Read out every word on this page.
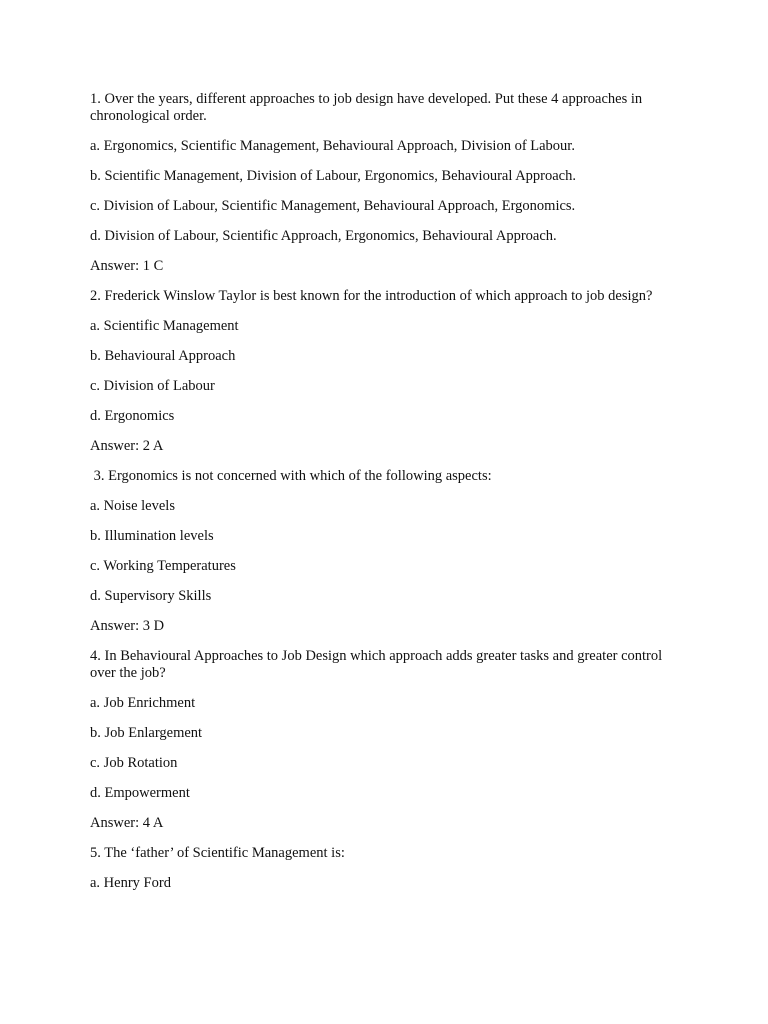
1. Over the years, different approaches to job design have developed. Put these 4 approaches in chronological order.

a. Ergonomics, Scientific Management, Behavioural Approach, Division of Labour.

b. Scientific Management, Division of Labour, Ergonomics, Behavioural Approach.

c. Division of Labour, Scientific Management, Behavioural Approach, Ergonomics.

d. Division of Labour, Scientific Approach, Ergonomics, Behavioural Approach.

Answer: 1 C

2. Frederick Winslow Taylor is best known for the introduction of which approach to job design?

a. Scientific Management

b. Behavioural Approach

c. Division of Labour

d. Ergonomics

Answer: 2 A

3. Ergonomics is not concerned with which of the following aspects:

a. Noise levels

b. Illumination levels

c. Working Temperatures

d. Supervisory Skills

Answer: 3 D

4. In Behavioural Approaches to Job Design which approach adds greater tasks and greater control over the job?

a. Job Enrichment

b. Job Enlargement

c. Job Rotation

d. Empowerment

Answer: 4 A

5. The ‘father’ of Scientific Management is:

a. Henry Ford
